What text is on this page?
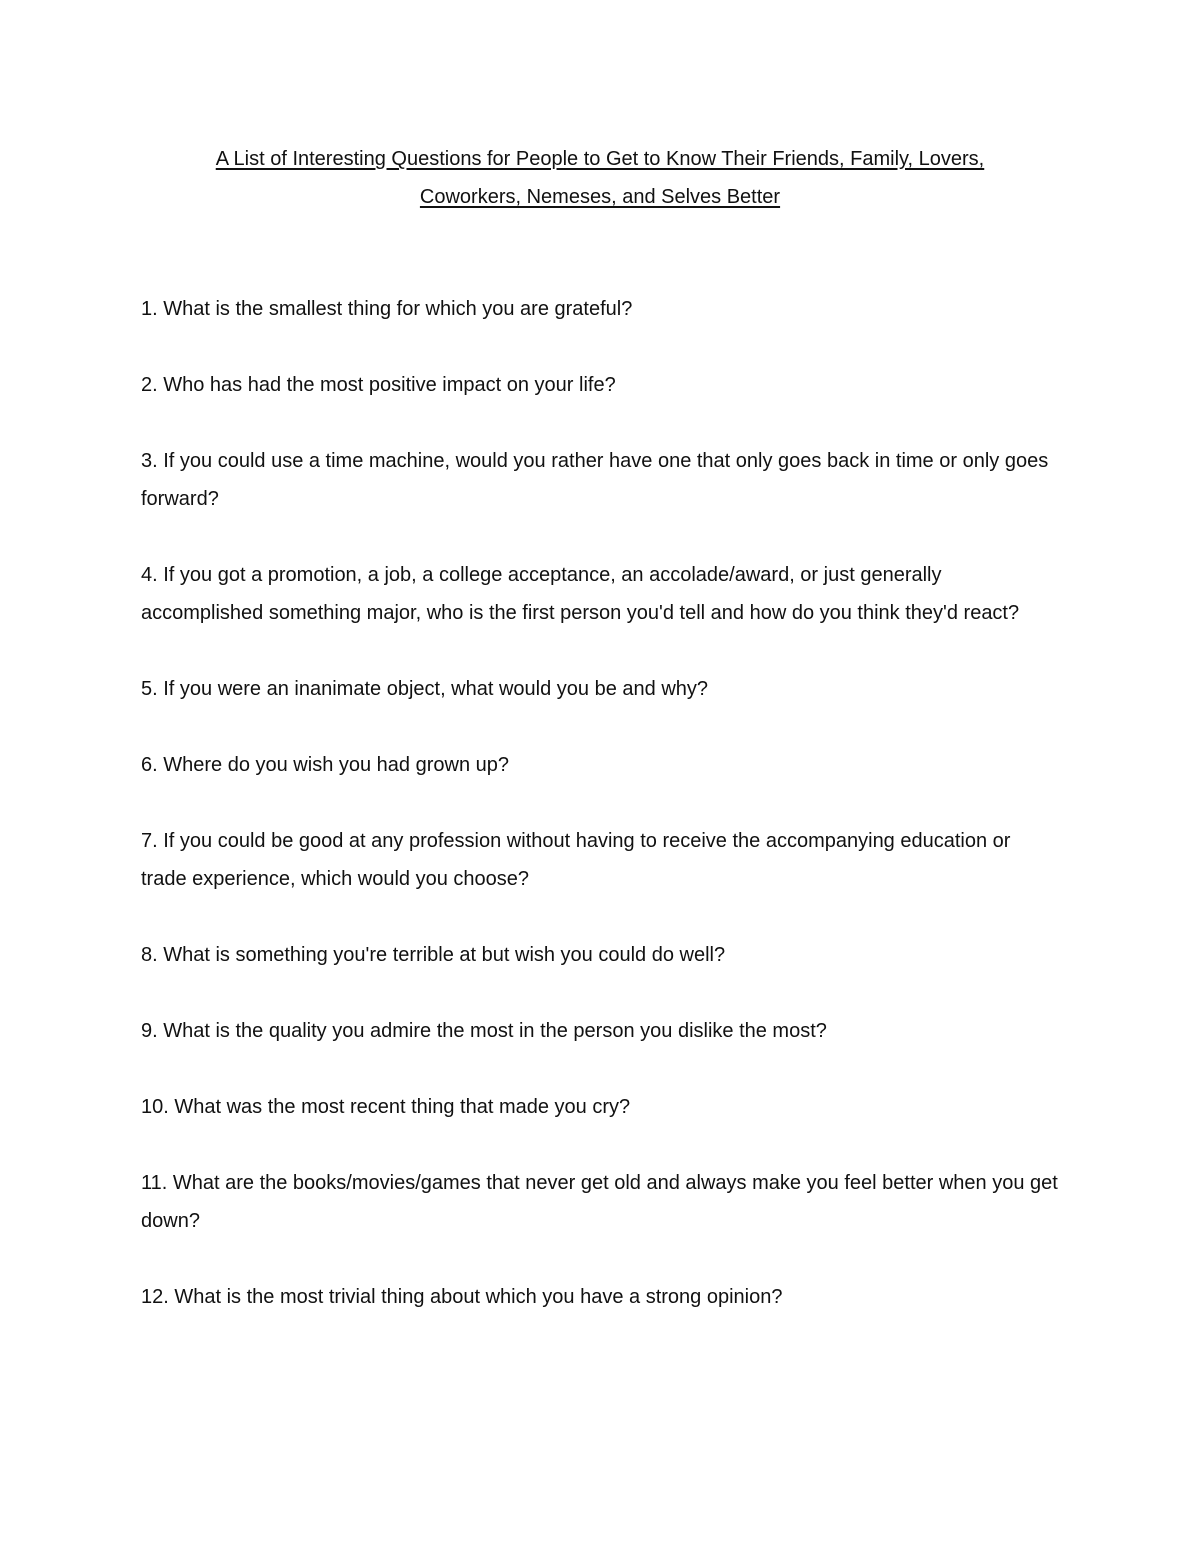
A List of Interesting Questions for People to Get to Know Their Friends, Family, Lovers,
Coworkers, Nemeses, and Selves Better
1. What is the smallest thing for which you are grateful?
2. Who has had the most positive impact on your life?
3. If you could use a time machine, would you rather have one that only goes back in time or only goes forward?
4. If you got a promotion, a job, a college acceptance, an accolade/award, or just generally accomplished something major, who is the first person you'd tell and how do you think they'd react?
5. If you were an inanimate object, what would you be and why?
6. Where do you wish you had grown up?
7. If you could be good at any profession without having to receive the accompanying education or trade experience, which would you choose?
8. What is something you're terrible at but wish you could do well?
9. What is the quality you admire the most in the person you dislike the most?
10. What was the most recent thing that made you cry?
11. What are the books/movies/games that never get old and always make you feel better when you get down?
12. What is the most trivial thing about which you have a strong opinion?
